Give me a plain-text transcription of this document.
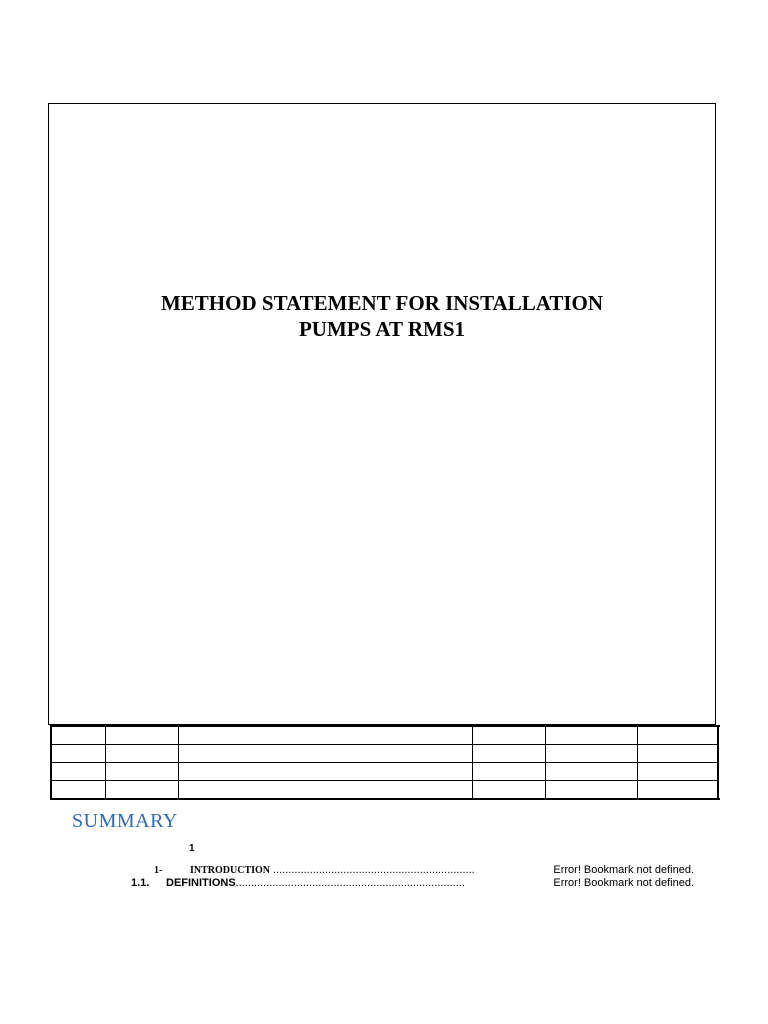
METHOD STATEMENT FOR INSTALLATION
PUMPS AT RMS1

SUMMARY
1
1-	INTRODUCTION ..................................................................	Error! Bookmark not defined.
1.1.	DEFINITIONS ...........................................................................	Error! Bookmark not defined.
